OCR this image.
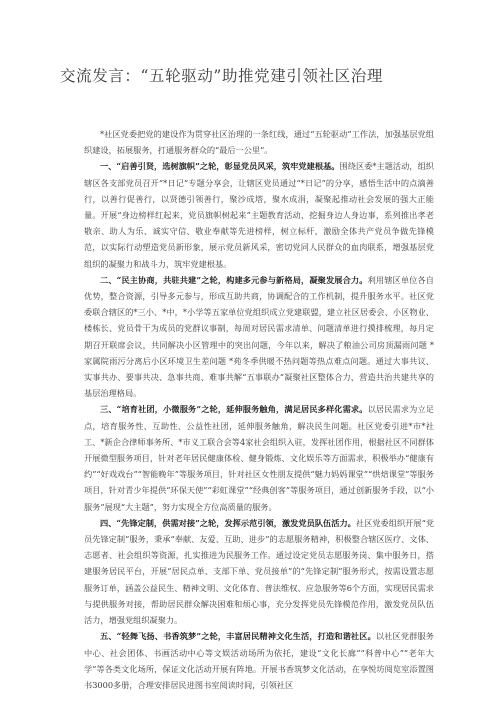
交流发言：“五轮驱动”助推党建引领社区治理

*社区党委把党的建设作为贯穿社区治理的一条红线，通过“五轮驱动”工作法，加强基层党组织建设，拓展服务，打通服务群众的“最后一公里”。

一、“启善引贤，选树旗帜”之轮，彰显党员风采，筑牢党建根基。围绕区委*主题活动，组织辖区各支部党员召开“*日记”专题分享会，让辖区党员通过“*日记”的分享，感悟生活中的点滴善行，以善行促善行，以贤德引领善行，聚沙成塔，聚水成涓，凝聚起推动社会发展的强大正能量。开展“身边榜样红起来，党员旗帜树起来”主题教育活动，挖掘身边人身边事，系列推出孝老敬亲、助人为乐、诚实守信、敬业奉献等先进榜样，树立标杆，激励全体共产党员争做先锋模范，以实际行动塑造党员新形象，展示党员新风采，密切党同人民群众的血肉联系，增强基层党组织的凝聚力和战斗力，筑牢党建根基。

二、“民主协商，共驻共建”之轮，构建多元参与新格局，凝聚发展合力。利用辖区单位各自优势，整合资源，引导多元参与，形成互助共商，协调配合的工作机制，提升服务水平。社区党委联合辖区的*三小、*中，*小学等五家单位党组织成立党建联盟，建立社区居委会、小区物业、楼栋长、党员骨干为成员的党群议事制，每周对居民需求清单、问题清单进行摸排梳理，每月定期召开联席会议，共同解决小区管理中的突出问题，今年以来，解决了粮油公司房顶漏雨问题 *家属院雨污分离后小区环境卫生差问题 *苑冬季供暖不热问题等热点难点问题。通过大事共议、实事共办、要事共决、急事共商、难事共解“五事联办”凝聚社区整体合力，营造共治共建共享的基层治理格局。

三、“培育社团，小微服务”之轮，延伸服务触角，满足居民多样化需求。以居民需求为立足点，培育服务性、互助性、公益性社团，延伸服务触角，解决民生问题。社区党委引进*市*社工、*新企合律师事务所、*市义工联合会等4家社会组织入驻，发挥社团作用，根据社区不同群体开展微型服务项目，针对老年居民健康体检、健身锻炼、文化娱乐等方面需求，积极举办“健康有约”“好戏戏台”“智能晚年”等服务项目，针对社区女性朋友提供“魅力妈妈课堂”“烘焙课堂”等服务项目，针对青少年提供“环保天使”“彩虹课堂”“经典创客”等服务项目，通过创新服务手段，以“小服务”展现“大主题”，努力实现全方位高质量的服务。

四、“先锋定制，供需对接”之轮，发挥示范引领，激发党员队伍活力。社区党委组织开展“党员先锋定制”服务，秉承“奉献、友爱、互助、进步”的志愿服务精神，积极整合辖区医疗、文体、志愿者、社会组织等资源，扎实推进为民服务工作。通过设定党员志愿服务岗、集中服务日，搭建服务居民平台，开展“居民点单、支部下单、党员接单”的“先锋定制”服务形式，按需设置志愿服务订单，涵盖公益民生、精神文明、文化体育、普法维权、应急服务等6个方面，实现居民需求与提供服务对接，帮助居民群众解决困难和烦心事，充分发挥党员先锋模范作用，激发党员队伍活力，增强党组织凝聚力。

五、“轻舞飞扬、书香筑梦”之轮，丰富居民精神文化生活，打造和谐社区。以社区党群服务中心、社会团体、书画活动中心等文娱活动场所为依托，建设“文化长廊”“科普中心”“老年大学”等各类文化场所，保证文化活动开展有阵地。开展书香筑梦文化活动，在享悦坊阅览室添置图书3000多册，合理安排居民进图书室阅读时间，引领社区
